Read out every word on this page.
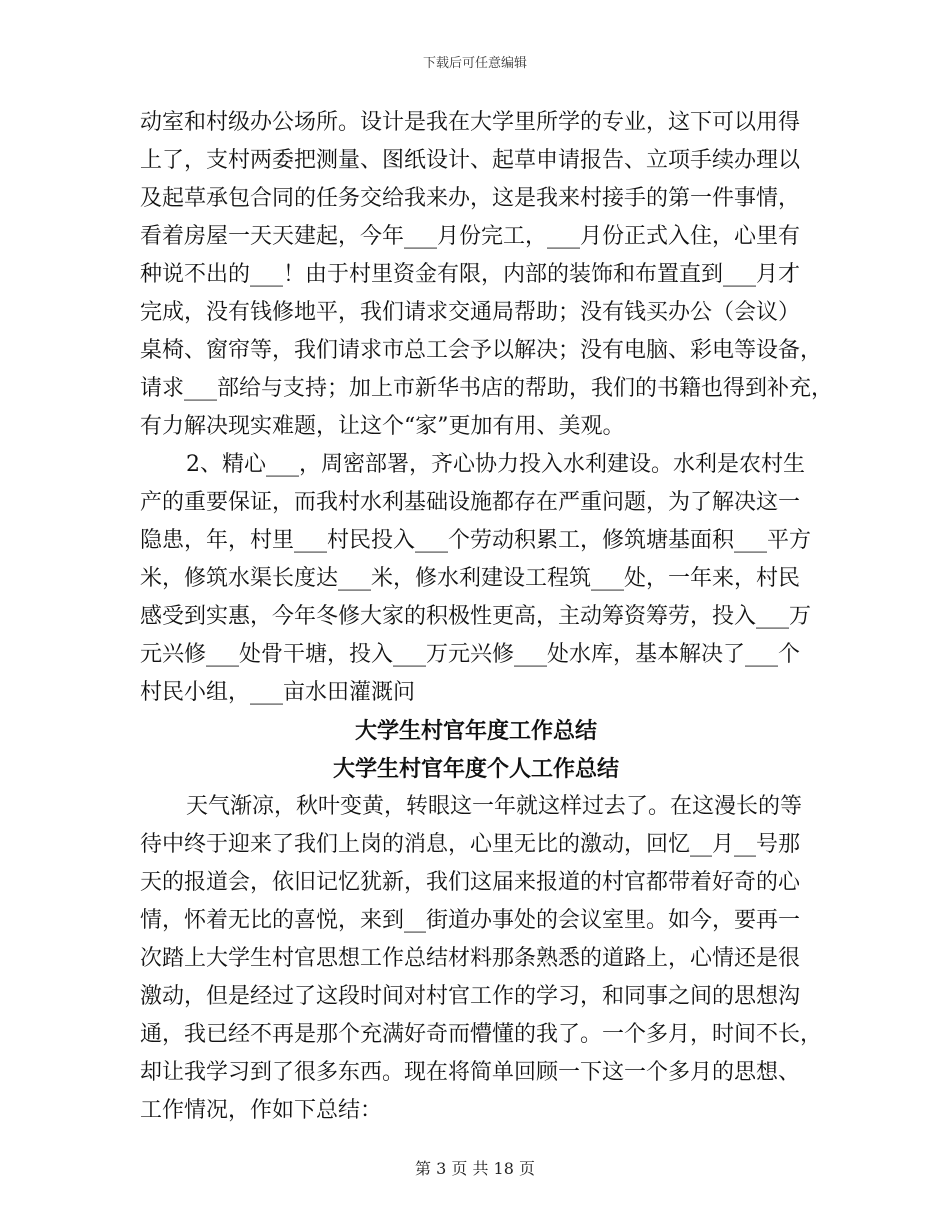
下载后可任意编辑
动室和村级办公场所。设计是我在大学里所学的专业，这下可以用得
上了，支村两委把测量、图纸设计、起草申请报告、立项手续办理以
及起草承包合同的任务交给我来办，这是我来村接手的第一件事情，
看着房屋一天天建起，今年___月份完工，___月份正式入住，心里有
种说不出的___！由于村里资金有限，内部的装饰和布置直到___月才
完成，没有钱修地平，我们请求交通局帮助；没有钱买办公（会议）
桌椅、窗帘等，我们请求市总工会予以解决；没有电脑、彩电等设备，
请求___部给与支持；加上市新华书店的帮助，我们的书籍也得到补充，
有力解决现实难题，让这个“家”更加有用、美观。
2、精心___，周密部署，齐心协力投入水利建设。水利是农村生
产的重要保证，而我村水利基础设施都存在严重问题，为了解决这一
隐患，年，村里___村民投入___个劳动积累工，修筑塘基面积___平方
米，修筑水渠长度达___米，修水利建设工程筑___处，一年来，村民
感受到实惠，今年冬修大家的积极性更高，主动筹资筹劳，投入___万
元兴修___处骨干塘，投入___万元兴修___处水库，基本解决了___个
村民小组，___亩水田灌溉问
大学生村官年度工作总结
大学生村官年度个人工作总结
天气渐凉，秋叶变黄，转眼这一年就这样过去了。在这漫长的等
待中终于迎来了我们上岗的消息，心里无比的激动，回忆__月__号那
天的报道会，依旧记忆犹新，我们这届来报道的村官都带着好奇的心
情，怀着无比的喜悦，来到__街道办事处的会议室里。如今，要再一
次踏上大学生村官思想工作总结材料那条熟悉的道路上，心情还是很
激动，但是经过了这段时间对村官工作的学习，和同事之间的思想沟
通，我已经不再是那个充满好奇而懵懂的我了。一个多月，时间不长，
却让我学习到了很多东西。现在将简单回顾一下这一个多月的思想、
工作情况，作如下总结：
第 3 页 共 18 页
